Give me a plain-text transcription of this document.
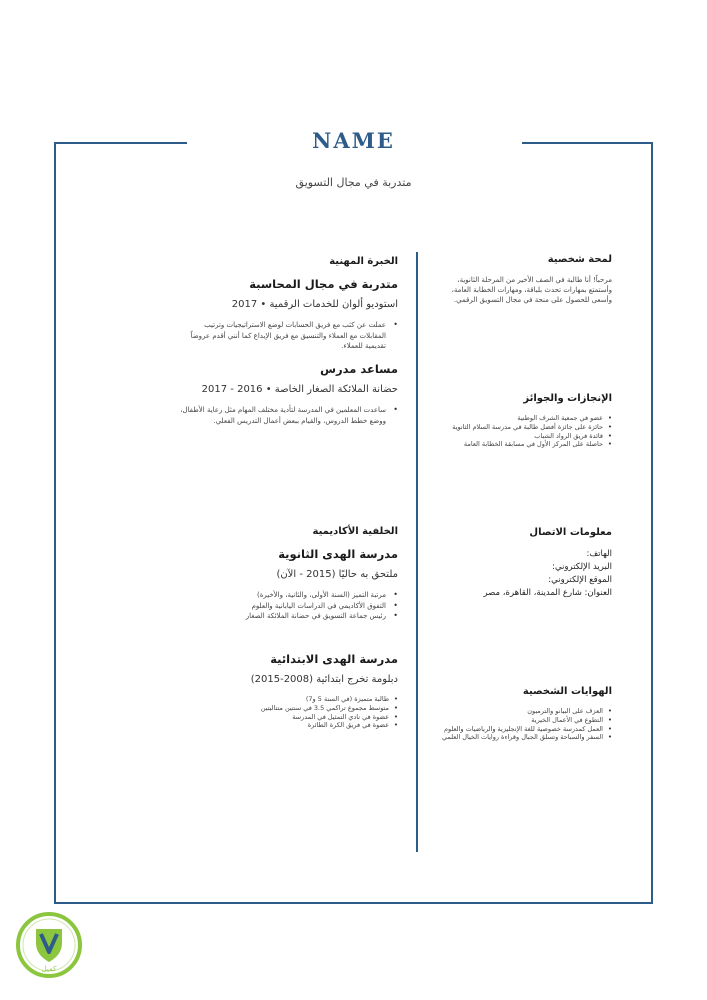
NAME
متدربة في مجال التسويق
لمحة شخصية
مرحباً! أنا طالبة في الصف الأخير من المرحلة الثانوية، وأستمتع بمهارات تحدث بلباقة، ومهارات الخطابة العامة، وأسعى للحصول على منحة في مجال التسويق الرقمي.
الإنجازات والجوائز
• عضو في جمعية الشرف الوطنية
• حائزة على جائزة أفضل طالبة في مدرسة السلام الثانوية
• قائدة فريق الرواد الشباب
• حاصلة على المركز الأول في مسابقة الخطابة العامة
معلومات الاتصال
الهاتف:
البريد الإلكتروني:
الموقع الإلكتروني:
العنوان: شارع المدينة، القاهرة، مصر
الهوايات الشخصية
• العزف على البيانو والترمبون
• التطوع في الأعمال الخيرية
• العمل كمدرسة خصوصية للغة الإنجليزية والرياضيات والعلوم
• السفر والسباحة وتسلق الجبال وقراءة روايات الخيال العلمي
الخبرة المهنية
متدربة في مجال المحاسبة
استوديو ألوان للخدمات الرقمية • 2017
• عملت عن كثب مع فريق الحسابات لوضع الاستراتيجيات وترتيب المقابلات مع العملاء والتنسيق مع فريق الإبداع كما أنني أقدم عروضاً تقديمية للعملاء.
مساعد مدرس
حضانة الملائكة الصغار الخاصة • 2016 - 2017
• ساعدت المعلمين في المدرسة لتأدية مختلف المهام مثل رعاية الأطفال، ووضع خطط الدروس، والقيام ببعض أعمال التدريس الفعلي.
الخلفية الأكاديمية
مدرسة الهدى الثانوية
ملتحق به حاليًا (2015 - الآن)
• مرتبة التميز (السنة الأولى، والثانية، والأخيرة)
• التفوق الأكاديمي في الدراسات اليابانية والعلوم
• رئيس جماعة التسويق في حضانة الملائكة الصغار
مدرسة الهدى الابتدائية
دبلومة تخرج ابتدائية (2008-2015)
• طالبة متميزة (في السنة 5 و7)
• متوسط مجموع تراكمي 3.5 في سنتين متتاليتين
• عضوة في نادي التمثيل في المدرسة
• عضوة في فريق الكرة الطائرة
كميل
